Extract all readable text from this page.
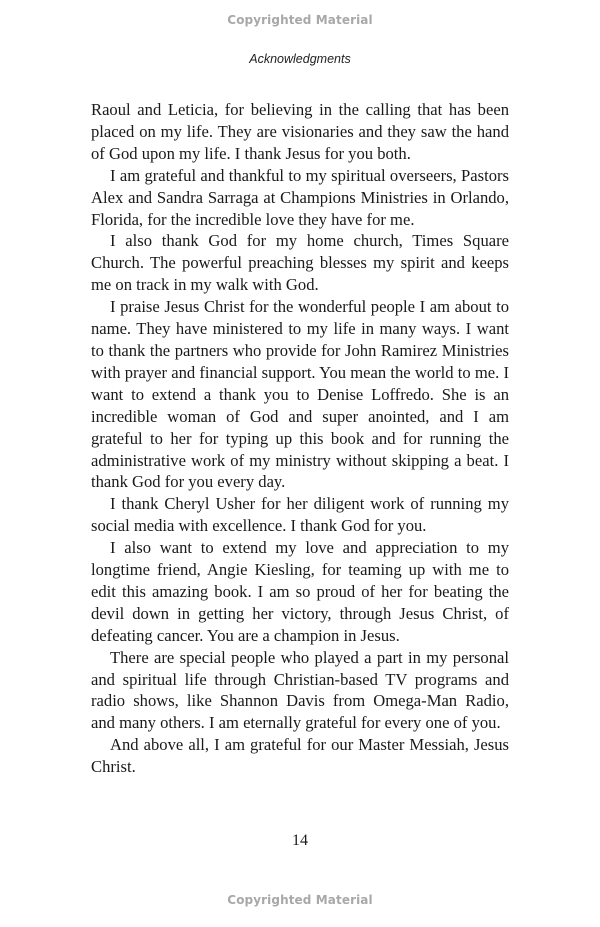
Copyrighted Material
Acknowledgments

Raoul and Leticia, for believing in the calling that has been placed on my life. They are visionaries and they saw the hand of God upon my life. I thank Jesus for you both.

I am grateful and thankful to my spiritual overseers, Pastors Alex and Sandra Sarraga at Champions Ministries in Orlando, Florida, for the incredible love they have for me.

I also thank God for my home church, Times Square Church. The powerful preaching blesses my spirit and keeps me on track in my walk with God.

I praise Jesus Christ for the wonderful people I am about to name. They have ministered to my life in many ways. I want to thank the partners who provide for John Ramirez Ministries with prayer and financial support. You mean the world to me. I want to extend a thank you to Denise Loffredo. She is an incredible woman of God and super anointed, and I am grateful to her for typing up this book and for running the administrative work of my ministry without skipping a beat. I thank God for you every day.

I thank Cheryl Usher for her diligent work of running my social media with excellence. I thank God for you.

I also want to extend my love and appreciation to my longtime friend, Angie Kiesling, for teaming up with me to edit this amazing book. I am so proud of her for beating the devil down in getting her victory, through Jesus Christ, of defeating cancer. You are a champion in Jesus.

There are special people who played a part in my personal and spiritual life through Christian-based TV programs and radio shows, like Shannon Davis from Omega-Man Radio, and many others. I am eternally grateful for every one of you.

And above all, I am grateful for our Master Messiah, Jesus Christ.

14
Copyrighted Material
